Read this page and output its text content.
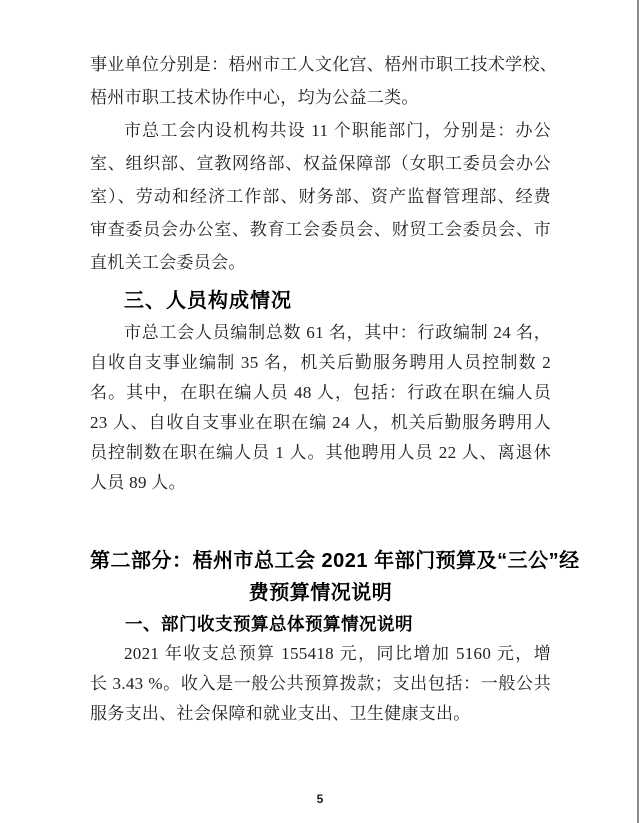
事业单位分别是：梧州市工人文化宫、梧州市职工技术学校、
梧州市职工技术协作中心，均为公益二类。
市总工会内设机构共设 11 个职能部门，分别是：办公
室、组织部、宣教网络部、权益保障部（女职工委员会办公
室）、劳动和经济工作部、财务部、资产监督管理部、经费
审查委员会办公室、教育工会委员会、财贸工会委员会、市
直机关工会委员会。
三、人员构成情况
市总工会人员编制总数 61 名，其中：行政编制 24 名，
自收自支事业编制 35 名，机关后勤服务聘用人员控制数 2
名。其中，在职在编人员 48 人，包括：行政在职在编人员
23 人、自收自支事业在职在编 24 人，机关后勤服务聘用人
员控制数在职在编人员 1 人。其他聘用人员 22 人、离退休
人员 89 人。
第二部分：梧州市总工会 2021 年部门预算及“三公”经
费预算情况说明
一、部门收支预算总体预算情况说明
2021 年收支总预算 155418 元，同比增加 5160 元，增
长 3.43 %。收入是一般公共预算拨款；支出包括：一般公共
服务支出、社会保障和就业支出、卫生健康支出。
5
